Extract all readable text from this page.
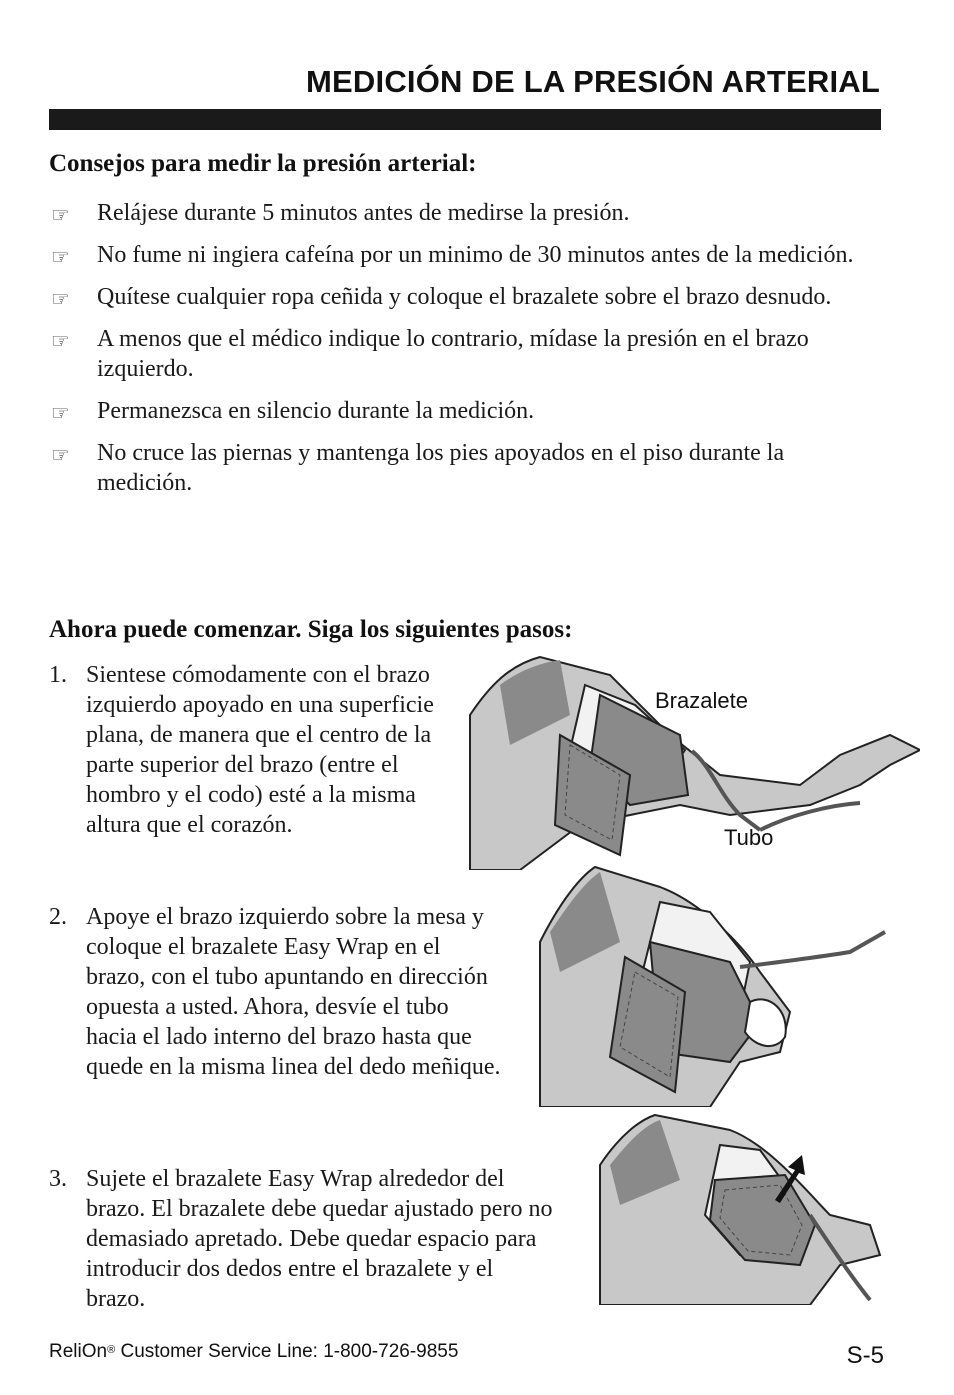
MEDICIÓN DE LA PRESIÓN ARTERIAL
Consejos para medir la presión arterial:
☞ Relájese durante 5 minutos antes de medirse la presión.
☞ No fume ni ingiera cafeína por un minimo de 30 minutos antes de la medición.
☞ Quítese cualquier ropa ceñida y coloque el brazalete sobre el brazo desnudo.
☞ A menos que el médico indique lo contrario, mídase la presión en el brazo izquierdo.
☞ Permanezsca en silencio durante la medición.
☞ No cruce las piernas y mantenga los pies apoyados en el piso durante la medición.
Ahora puede comenzar. Siga los siguientes pasos:
1. Sientese cómodamente con el brazo izquierdo apoyado en una superficie plana, de manera que el centro de la parte superior del brazo (entre el hombro y el codo) esté a la misma altura que el corazón.
2. Apoye el brazo izquierdo sobre la mesa y coloque el brazalete Easy Wrap en el brazo, con el tubo apuntando en dirección opuesta a usted. Ahora, desvíe el tubo hacia el lado interno del brazo hasta que quede en la misma linea del dedo meñique.
3. Sujete el brazalete Easy Wrap alrededor del brazo. El brazalete debe quedar ajustado pero no demasiado apretado. Debe quedar espacio para introducir dos dedos entre el brazalete y el brazo.
Brazalete
Tubo
ReliOn® Customer Service Line: 1-800-726-9855	S-5
